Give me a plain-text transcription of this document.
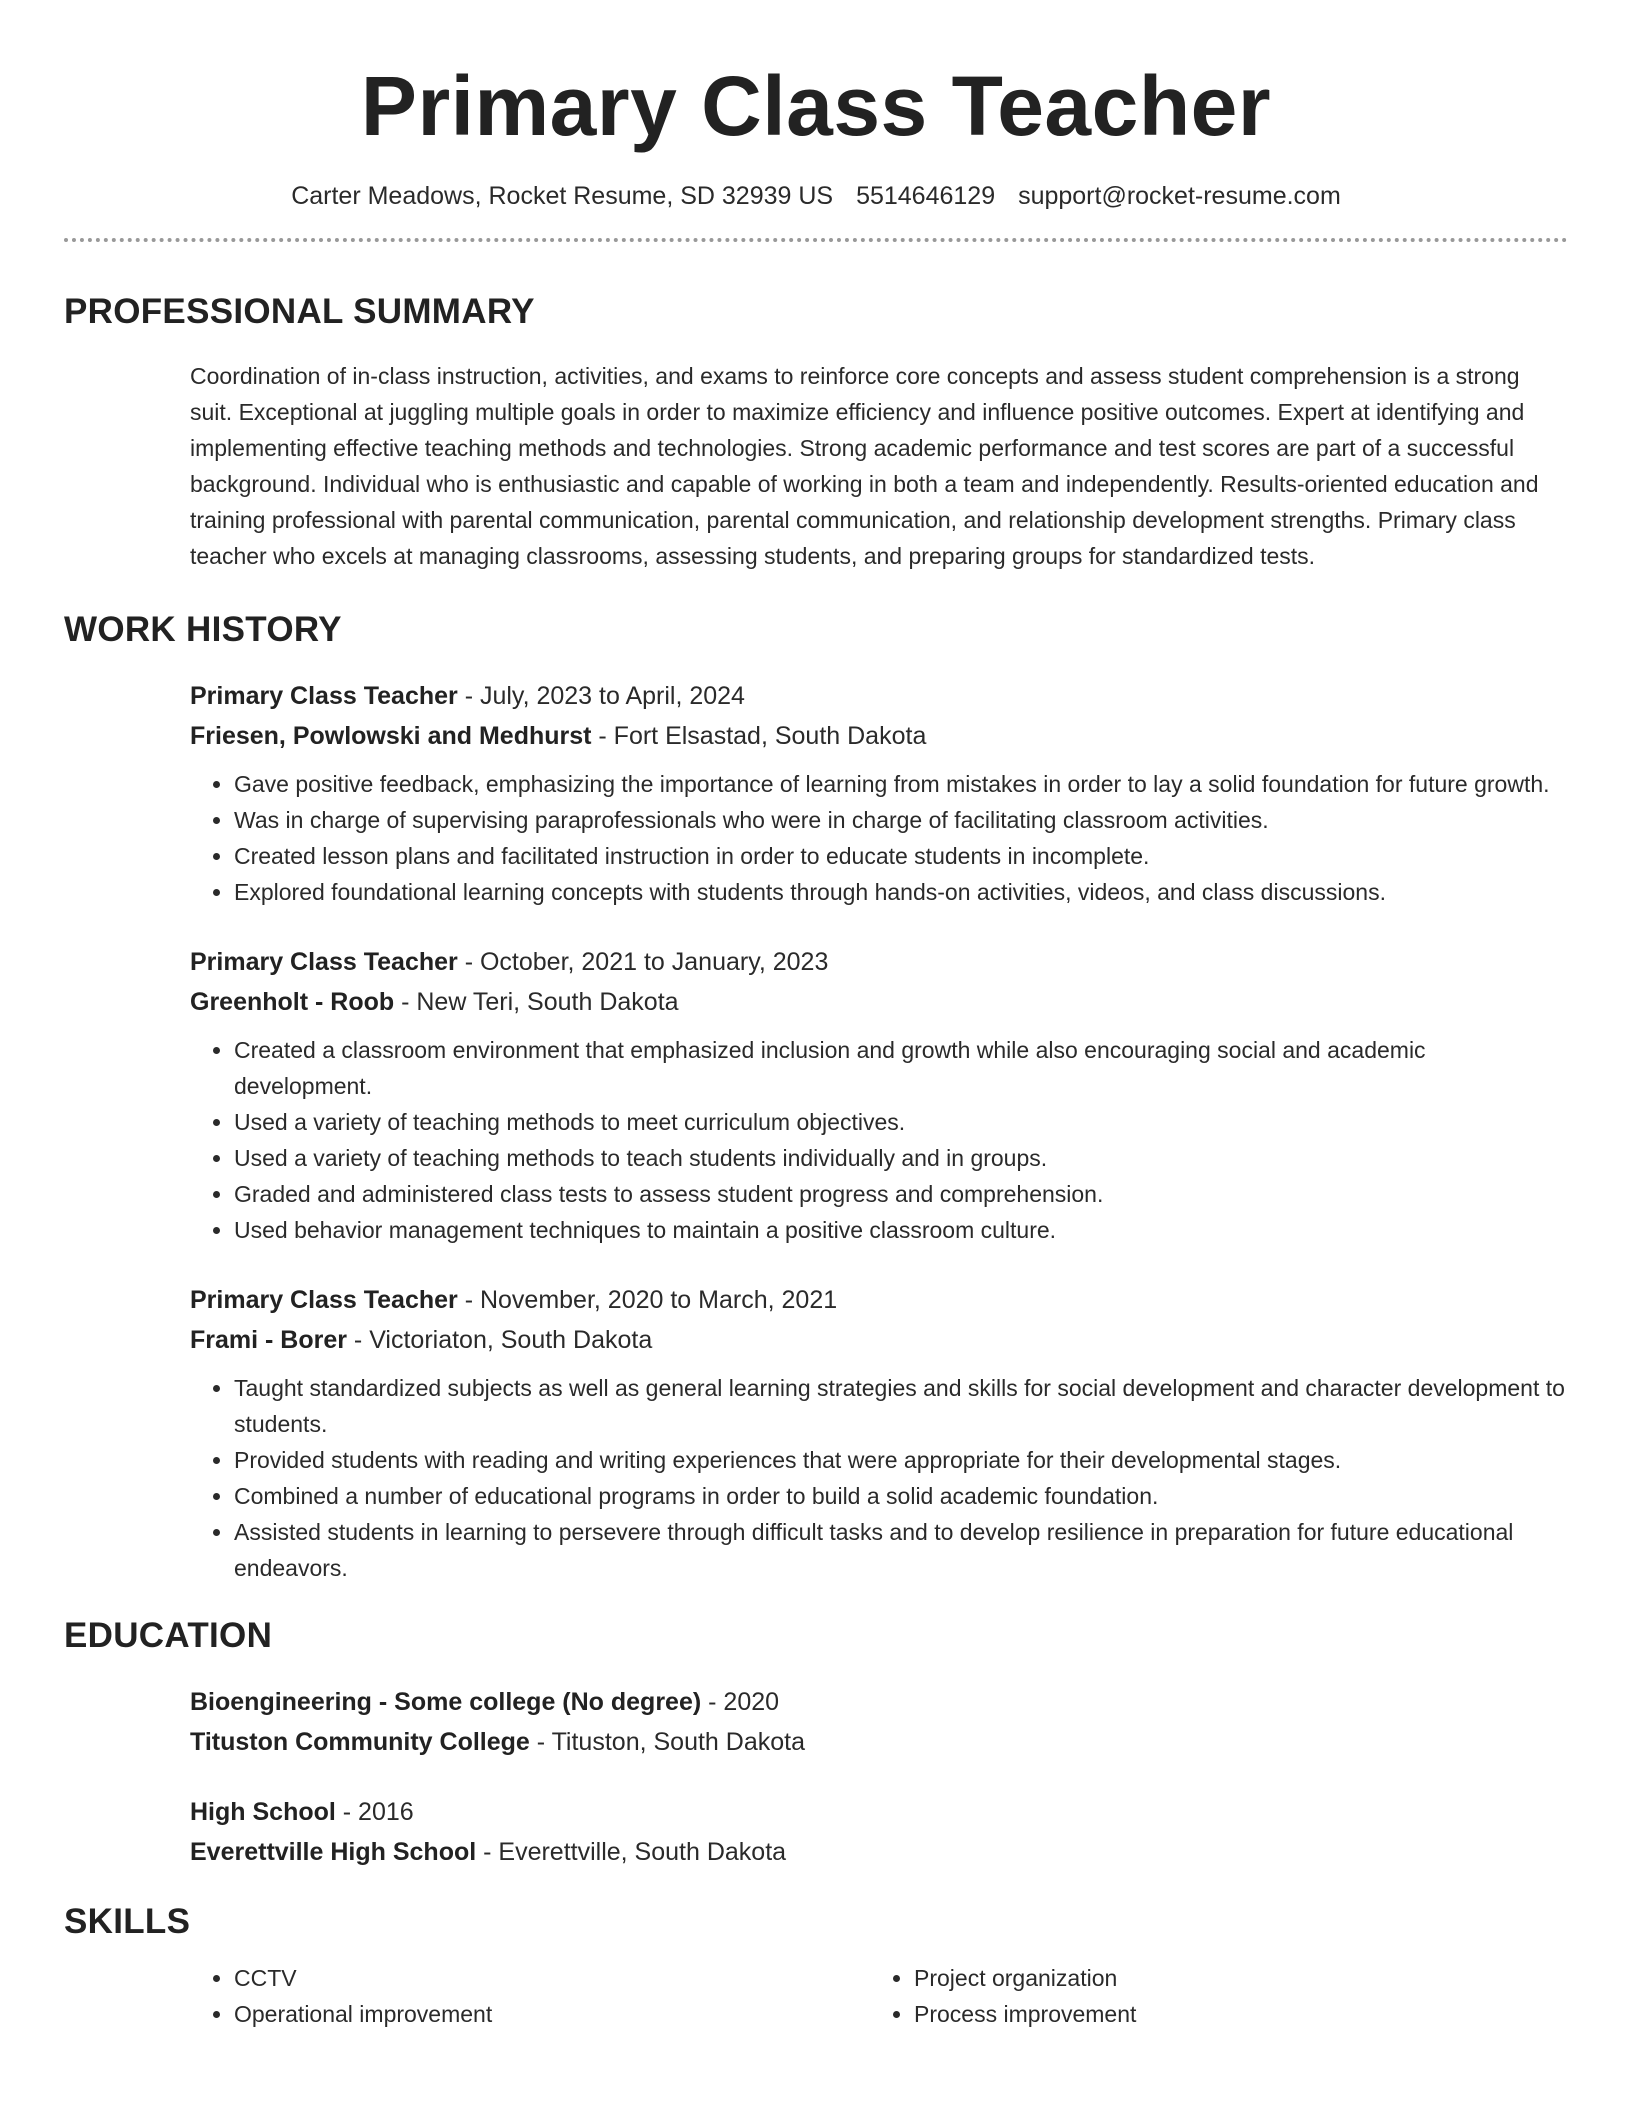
Primary Class Teacher
Carter Meadows, Rocket Resume, SD 32939 US 5514646129 support@rocket-resume.com
PROFESSIONAL SUMMARY
Coordination of in-class instruction, activities, and exams to reinforce core concepts and assess student comprehension is a strong suit. Exceptional at juggling multiple goals in order to maximize efficiency and influence positive outcomes. Expert at identifying and implementing effective teaching methods and technologies. Strong academic performance and test scores are part of a successful background. Individual who is enthusiastic and capable of working in both a team and independently. Results-oriented education and training professional with parental communication, parental communication, and relationship development strengths. Primary class teacher who excels at managing classrooms, assessing students, and preparing groups for standardized tests.
WORK HISTORY
Primary Class Teacher - July, 2023 to April, 2024
Friesen, Powlowski and Medhurst - Fort Elsastad, South Dakota
• Gave positive feedback, emphasizing the importance of learning from mistakes in order to lay a solid foundation for future growth.
• Was in charge of supervising paraprofessionals who were in charge of facilitating classroom activities.
• Created lesson plans and facilitated instruction in order to educate students in incomplete.
• Explored foundational learning concepts with students through hands-on activities, videos, and class discussions.
Primary Class Teacher - October, 2021 to January, 2023
Greenholt - Roob - New Teri, South Dakota
• Created a classroom environment that emphasized inclusion and growth while also encouraging social and academic development.
• Used a variety of teaching methods to meet curriculum objectives.
• Used a variety of teaching methods to teach students individually and in groups.
• Graded and administered class tests to assess student progress and comprehension.
• Used behavior management techniques to maintain a positive classroom culture.
Primary Class Teacher - November, 2020 to March, 2021
Frami - Borer - Victoriaton, South Dakota
• Taught standardized subjects as well as general learning strategies and skills for social development and character development to students.
• Provided students with reading and writing experiences that were appropriate for their developmental stages.
• Combined a number of educational programs in order to build a solid academic foundation.
• Assisted students in learning to persevere through difficult tasks and to develop resilience in preparation for future educational endeavors.
EDUCATION
Bioengineering - Some college (No degree) - 2020
Tituston Community College - Tituston, South Dakota
High School - 2016
Everettville High School - Everettville, South Dakota
SKILLS
• CCTV
• Operational improvement
• Project organization
• Process improvement
